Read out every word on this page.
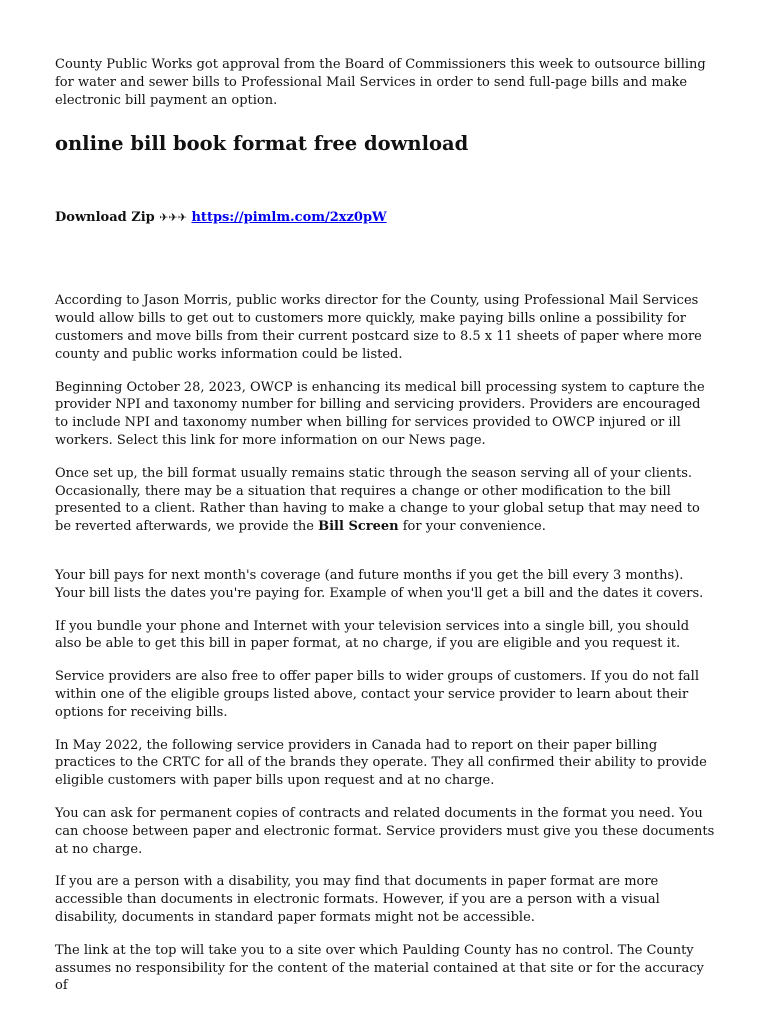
County Public Works got approval from the Board of Commissioners this week to outsource billing for water and sewer bills to Professional Mail Services in order to send full-page bills and make electronic bill payment an option.

online bill book format free download
Download Zip ✈✈✈ https://pimlm.com/2xz0pW

According to Jason Morris, public works director for the County, using Professional Mail Services would allow bills to get out to customers more quickly, make paying bills online a possibility for customers and move bills from their current postcard size to 8.5 x 11 sheets of paper where more county and public works information could be listed.

Beginning October 28, 2023, OWCP is enhancing its medical bill processing system to capture the provider NPI and taxonomy number for billing and servicing providers. Providers are encouraged to include NPI and taxonomy number when billing for services provided to OWCP injured or ill workers. Select this link for more information on our News page.

Once set up, the bill format usually remains static through the season serving all of your clients. Occasionally, there may be a situation that requires a change or other modification to the bill presented to a client. Rather than having to make a change to your global setup that may need to be reverted afterwards, we provide the Bill Screen for your convenience.

Your bill pays for next month's coverage (and future months if you get the bill every 3 months). Your bill lists the dates you're paying for. Example of when you'll get a bill and the dates it covers.

If you bundle your phone and Internet with your television services into a single bill, you should also be able to get this bill in paper format, at no charge, if you are eligible and you request it.

Service providers are also free to offer paper bills to wider groups of customers. If you do not fall within one of the eligible groups listed above, contact your service provider to learn about their options for receiving bills.

In May 2022, the following service providers in Canada had to report on their paper billing practices to the CRTC for all of the brands they operate. They all confirmed their ability to provide eligible customers with paper bills upon request and at no charge.

You can ask for permanent copies of contracts and related documents in the format you need. You can choose between paper and electronic format. Service providers must give you these documents at no charge.

If you are a person with a disability, you may find that documents in paper format are more accessible than documents in electronic formats. However, if you are a person with a visual disability, documents in standard paper formats might not be accessible.

The link at the top will take you to a site over which Paulding County has no control. The County assumes no responsibility for the content of the material contained at that site or for the accuracy of
